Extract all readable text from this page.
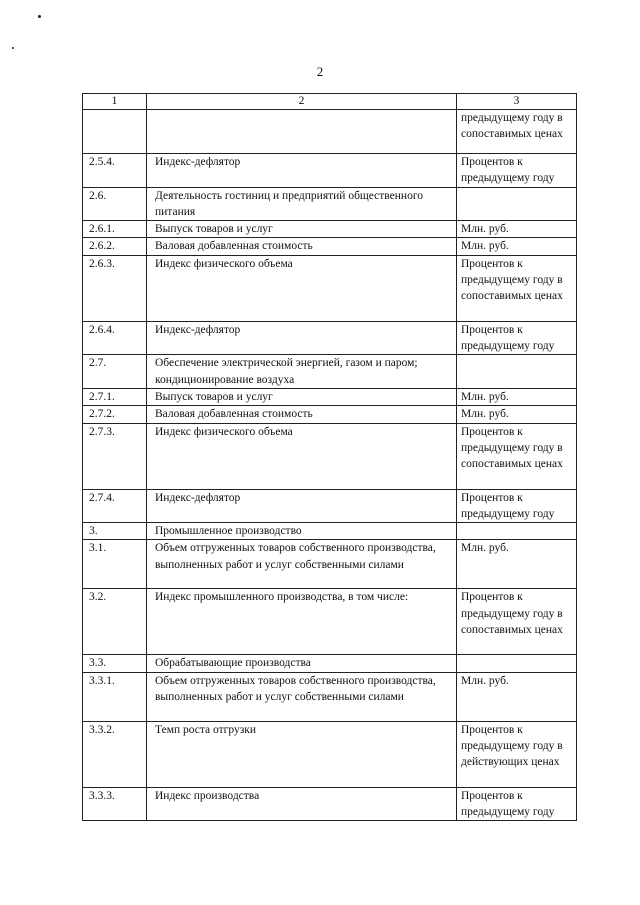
2
1	2	3
		предыдущему году в сопоставимых ценах
2.5.4.	Индекс-дефлятор	Процентов к предыдущему году
2.6.	Деятельность гостиниц и предприятий общественного питания	
2.6.1.	Выпуск товаров и услуг	Млн. руб.
2.6.2.	Валовая добавленная стоимость	Млн. руб.
2.6.3.	Индекс физического объема	Процентов к предыдущему году в сопоставимых ценах
2.6.4.	Индекс-дефлятор	Процентов к предыдущему году
2.7.	Обеспечение электрической энергией, газом и паром; кондиционирование воздуха	
2.7.1.	Выпуск товаров и услуг	Млн. руб.
2.7.2.	Валовая добавленная стоимость	Млн. руб.
2.7.3.	Индекс физического объема	Процентов к предыдущему году в сопоставимых ценах
2.7.4.	Индекс-дефлятор	Процентов к предыдущему году
3.	Промышленное производство	
3.1.	Объем отгруженных товаров собственного производства, выполненных работ и услуг собственными силами	Млн. руб.
3.2.	Индекс промышленного производства, в том числе:	Процентов к предыдущему году в сопоставимых ценах
3.3.	Обрабатывающие производства	
3.3.1.	Объем отгруженных товаров собственного производства, выполненных работ и услуг собственными силами	Млн. руб.
3.3.2.	Темп роста отгрузки	Процентов к предыдущему году в действующих ценах
3.3.3.	Индекс производства	Процентов к предыдущему году
